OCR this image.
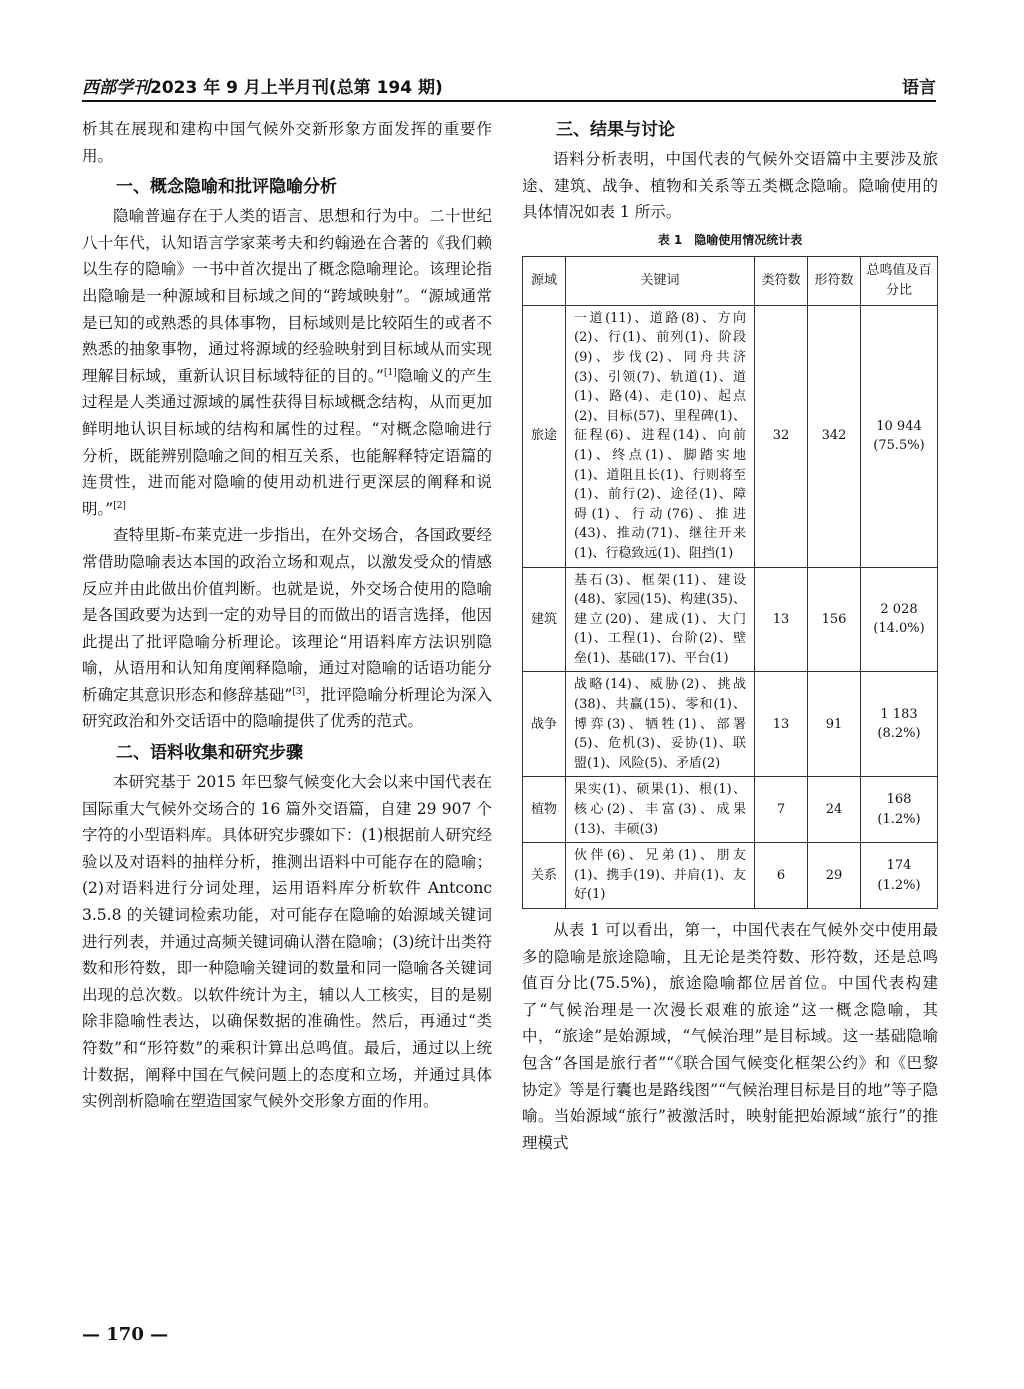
西部学刊2023 年 9 月上半月刊(总第 194 期)	语言

析其在展现和建构中国气候外交新形象方面发挥的重要作用。

一、概念隐喻和批评隐喻分析

隐喻普遍存在于人类的语言、思想和行为中。二十世纪八十年代，认知语言学家莱考夫和约翰逊在合著的《我们赖以生存的隐喻》一书中首次提出了概念隐喻理论。该理论指出隐喻是一种源域和目标域之间的“跨域映射”。“源域通常是已知的或熟悉的具体事物，目标域则是比较陌生的或者不熟悉的抽象事物，通过将源域的经验映射到目标域从而实现理解目标域，重新认识目标域特征的目的。”[1]隐喻义的产生过程是人类通过源域的属性获得目标域概念结构，从而更加鲜明地认识目标域的结构和属性的过程。“对概念隐喻进行分析，既能辨别隐喻之间的相互关系，也能解释特定语篇的连贯性，进而能对隐喻的使用动机进行更深层的阐释和说明。”[2]

查特里斯-布莱克进一步指出，在外交场合，各国政要经常借助隐喻表达本国的政治立场和观点，以激发受众的情感反应并由此做出价值判断。也就是说，外交场合使用的隐喻是各国政要为达到一定的劝导目的而做出的语言选择，他因此提出了批评隐喻分析理论。该理论“用语料库方法识别隐喻，从语用和认知角度阐释隐喻，通过对隐喻的话语功能分析确定其意识形态和修辞基础”[3]，批评隐喻分析理论为深入研究政治和外交话语中的隐喻提供了优秀的范式。

二、语料收集和研究步骤

本研究基于 2015 年巴黎气候变化大会以来中国代表在国际重大气候外交场合的 16 篇外交语篇，自建 29 907 个字符的小型语料库。具体研究步骤如下：(1)根据前人研究经验以及对语料的抽样分析，推测出语料中可能存在的隐喻；(2)对语料进行分词处理，运用语料库分析软件 Antconc 3.5.8 的关键词检索功能，对可能存在隐喻的始源域关键词进行列表，并通过高频关键词确认潜在隐喻；(3)统计出类符数和形符数，即一种隐喻关键词的数量和同一隐喻各关键词出现的总次数。以软件统计为主，辅以人工核实，目的是剔除非隐喻性表达，以确保数据的准确性。然后，再通过“类符数”和“形符数”的乘积计算出总鸣值。最后，通过以上统计数据，阐释中国在气候问题上的态度和立场，并通过具体实例剖析隐喻在塑造国家气候外交形象方面的作用。

三、结果与讨论

语料分析表明，中国代表的气候外交语篇中主要涉及旅途、建筑、战争、植物和关系等五类概念隐喻。隐喻使用的具体情况如表 1 所示。

表 1　隐喻使用情况统计表
源域	关键词	类符数	形符数	总鸣值及百分比
旅途	一道(11)、道路(8)、方向(2)、行(1)、前列(1)、阶段(9)、步伐(2)、同舟共济(3)、引领(7)、轨道(1)、道(1)、路(4)、走(10)、起点(2)、目标(57)、里程碑(1)、征程(6)、进程(14)、向前(1)、终点(1)、脚踏实地(1)、道阻且长(1)、行则将至(1)、前行(2)、途径(1)、障碍(1)、行动(76)、推进(43)、推动(71)、继往开来(1)、行稳致远(1)、阻挡(1)	32	342	10 944
(75.5%)

建筑	基石(3)、框架(11)、建设(48)、家园(15)、构建(35)、建立(20)、建成(1)、大门(1)、工程(1)、台阶(2)、壁垒(1)、基础(17)、平台(1)	13	156	2 028
(14.0%)

战争	战略(14)、威胁(2)、挑战(38)、共赢(15)、零和(1)、博弈(3)、牺牲(1)、部署(5)、危机(3)、妥协(1)、联盟(1)、风险(5)、矛盾(2)	13	91	1 183
(8.2%)

植物	果实(1)、硕果(1)、根(1)、核心(2)、丰富(3)、成果(13)、丰硕(3)	7	24	168
(1.2%)

关系	伙伴(6)、兄弟(1)、朋友(1)、携手(19)、并肩(1)、友好(1)	6	29	174
(1.2%)

从表 1 可以看出，第一，中国代表在气候外交中使用最多的隐喻是旅途隐喻，且无论是类符数、形符数，还是总鸣值百分比(75.5%)，旅途隐喻都位居首位。中国代表构建了“气候治理是一次漫长艰难的旅途”这一概念隐喻，其中，“旅途”是始源域，“气候治理”是目标域。这一基础隐喻包含“各国是旅行者”“《联合国气候变化框架公约》和《巴黎协定》等是行囊也是路线图”“气候治理目标是目的地”等子隐喻。当始源域“旅行”被激活时，映射能把始源域“旅行”的推理模式

— 170 —
